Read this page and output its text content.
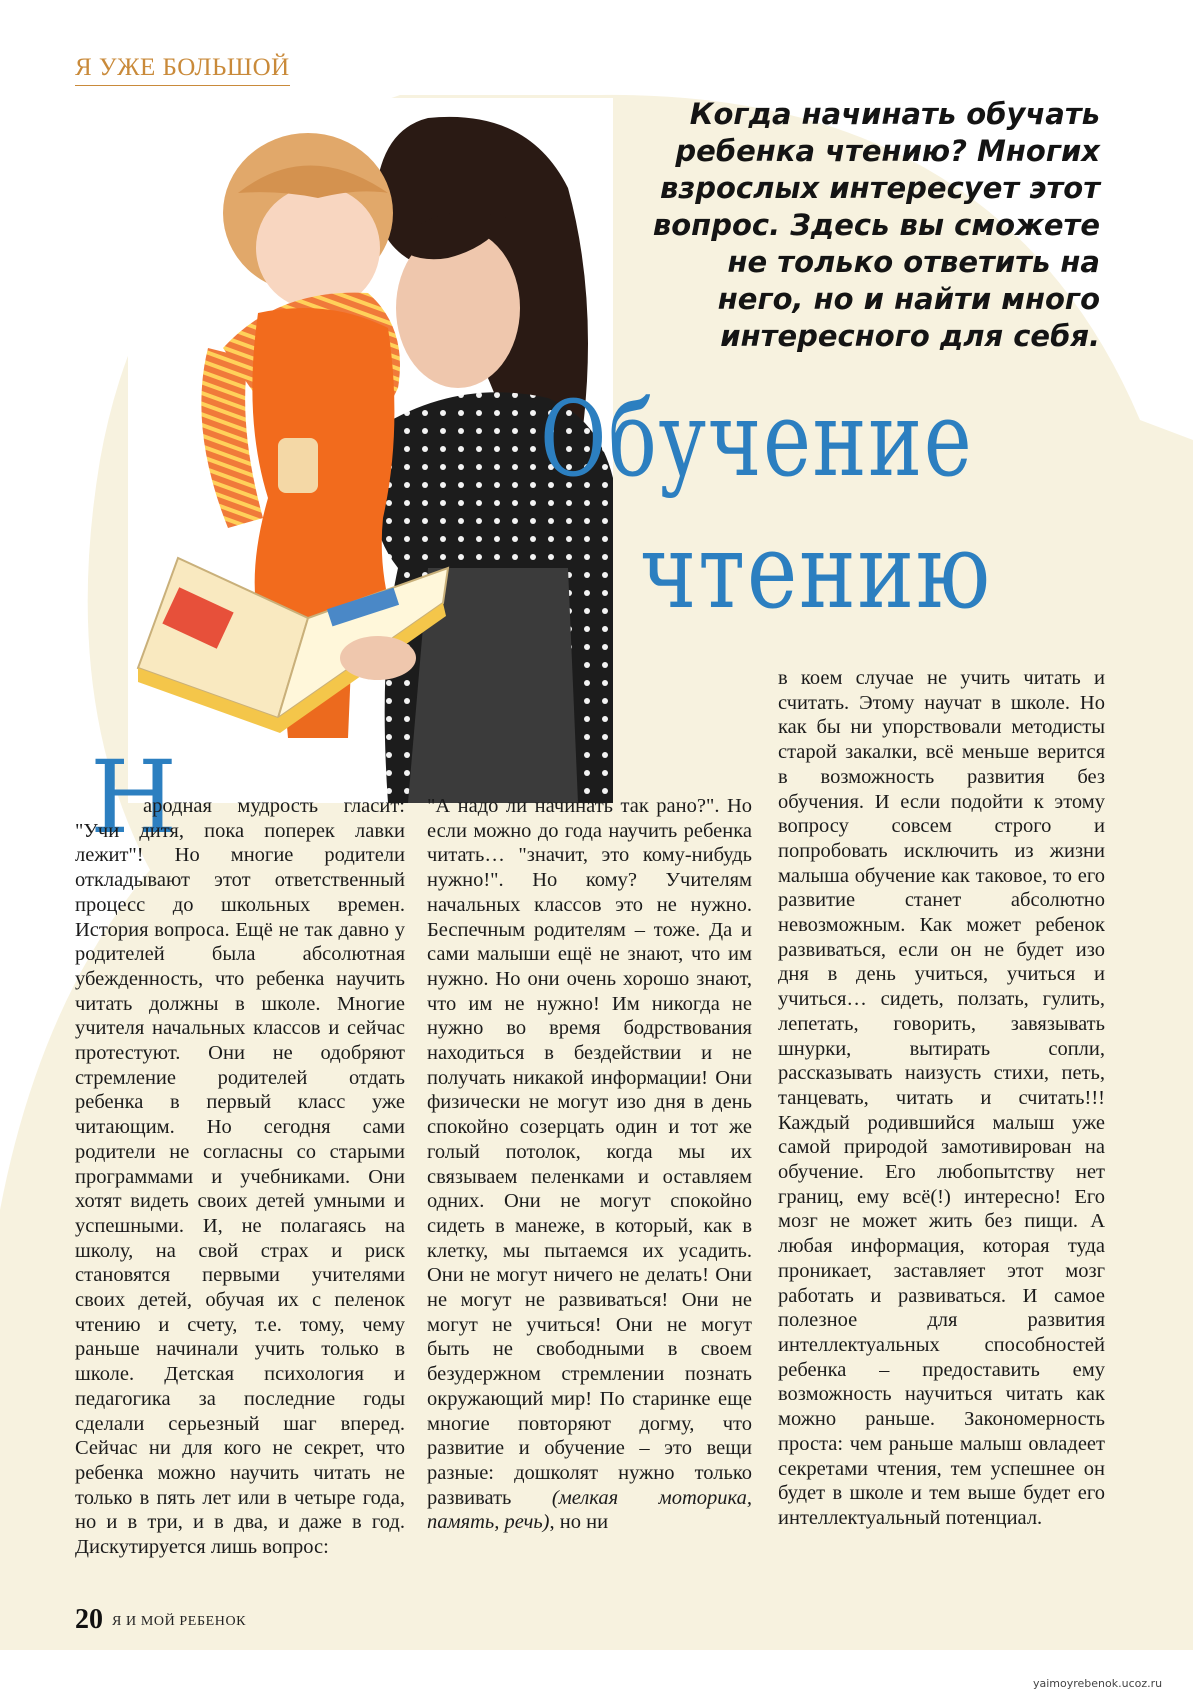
Я УЖЕ БОЛЬШОЙ
Когда начинать обучать ребенка чтению? Многих взрослых интересует этот вопрос. Здесь вы сможете не только ответить на него, но и найти много интересного для себя.
Обучение
чтению
Н
ародная мудрость гласит: "Учи дитя, пока поперек лавки лежит"! Но многие родители откладывают этот ответственный процесс до школьных времен. История вопроса. Ещё не так давно у родителей была абсолютная убежденность, что ребенка научить читать должны в школе. Многие учителя начальных классов и сейчас протестуют. Они не одобряют стремление родителей отдать ребенка в первый класс уже читающим. Но сегодня сами родители не согласны со старыми программами и учебниками. Они хотят видеть своих детей умными и успешными. И, не полагаясь на школу, на свой страх и риск становятся первыми учителями своих детей, обучая их с пеленок чтению и счету, т.е. тому, чему раньше начинали учить только в школе. Детская психология и педагогика за последние годы сделали серьезный шаг вперед. Сейчас ни для кого не секрет, что ребенка можно научить читать не только в пять лет или в четыре года, но и в три, и в два, и даже в год. Дискутируется лишь вопрос:
"А надо ли начинать так рано?". Но если можно до года научить ребенка читать… "значит, это кому-нибудь нужно!". Но кому? Учителям начальных классов это не нужно. Беспечным родителям – тоже. Да и сами малыши ещё не знают, что им нужно. Но они очень хорошо знают, что им не нужно! Им никогда не нужно во время бодрствования находиться в бездействии и не получать никакой информации! Они физически не могут изо дня в день спокойно созерцать один и тот же голый потолок, когда мы их связываем пеленками и оставляем одних. Они не могут спокойно сидеть в манеже, в который, как в клетку, мы пытаемся их усадить. Они не могут ничего не делать! Они не могут не развиваться! Они не могут не учиться! Они не могут быть не свободными в своем безудержном стремлении познать окружающий мир! По старинке еще многие повторяют догму, что развитие и обучение – это вещи разные: дошколят нужно только развивать (мелкая моторика, память, речь), но ни
в коем случае не учить читать и считать. Этому научат в школе. Но как бы ни упорствовали методисты старой закалки, всё меньше верится в возможность развития без обучения. И если подойти к этому вопросу совсем строго и попробовать исключить из жизни малыша обучение как таковое, то его развитие станет абсолютно невозможным. Как может ребенок развиваться, если он не будет изо дня в день учиться, учиться и учиться… сидеть, ползать, гулить, лепетать, говорить, завязывать шнурки, вытирать сопли, рассказывать наизусть стихи, петь, танцевать, читать и считать!!! Каждый родившийся малыш уже самой природой замотивирован на обучение. Его любопытству нет границ, ему всё(!) интересно! Его мозг не может жить без пищи. А любая информация, которая туда проникает, заставляет этот мозг работать и развиваться. И самое полезное для развития интеллектуальных способностей ребенка – предоставить ему возможность научиться читать как можно раньше. Закономерность проста: чем раньше малыш овладеет секретами чтения, тем успешнее он будет в школе и тем выше будет его интеллектуальный потенциал.
20 Я И МОЙ РЕБЕНОК
yaimoyrebenok.ucoz.ru
